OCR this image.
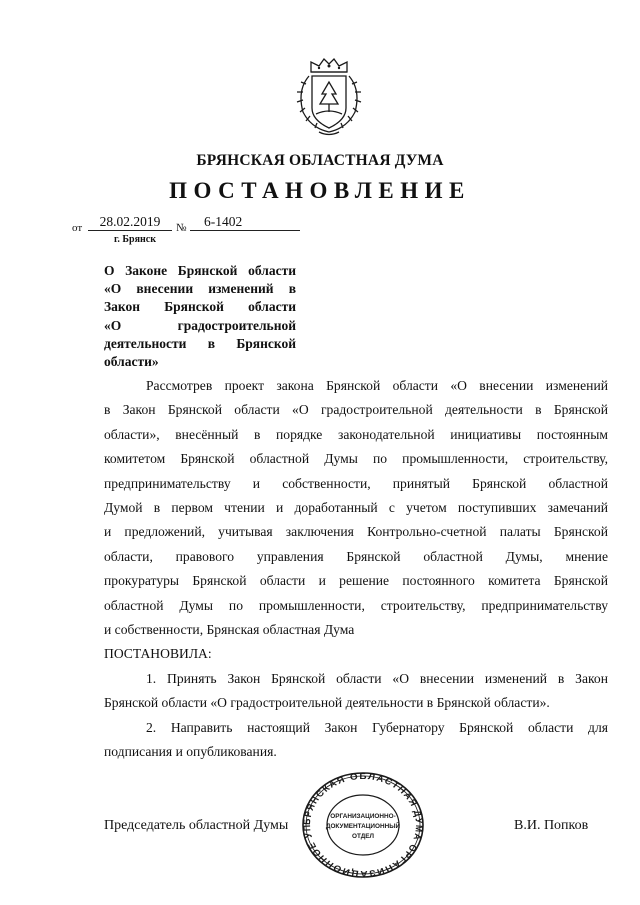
БРЯНСКАЯ ОБЛАСТНАЯ ДУМА
ПОСТАНОВЛЕНИЕ
от	28.02.2019	№	6-1402
г. Брянск
О Законе Брянской области
«О внесении изменений в
Закон Брянской области
«О градостроительной
деятельности в Брянской
области»
Рассмотрев проект закона Брянской области «О внесении изменений
в Закон Брянской области «О градостроительной деятельности в Брянской
области», внесённый в порядке законодательной инициативы постоянным
комитетом Брянской областной Думы по промышленности, строительству,
предпринимательству и собственности, принятый Брянской областной
Думой в первом чтении и доработанный с учетом поступивших замечаний
и предложений, учитывая заключения Контрольно-счетной палаты Брянской
области, правового управления Брянской областной Думы, мнение
прокуратуры Брянской области и решение постоянного комитета Брянской
областной Думы по промышленности, строительству, предпринимательству
и собственности, Брянская областная Дума
ПОСТАНОВИЛА:
1. Принять Закон Брянской области «О внесении изменений в Закон
Брянской области «О градостроительной деятельности в Брянской области».
2. Направить настоящий Закон Губернатору Брянской области для
подписания и опубликования.
Председатель областной Думы	В.И. Попков
БРЯНСКАЯ ОБЛАСТНАЯ ДУМА ОРГАНИЗАЦИОННОЕ УП
ОРГАНИЗАЦИОННО-
ДОКУМЕНТАЦИОННЫЙ
ОТДЕЛ
